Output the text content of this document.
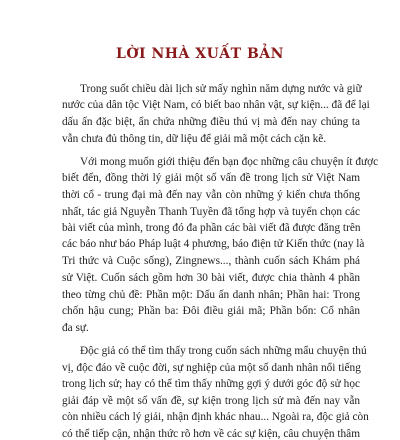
LỜI NHÀ XUẤT BẢN
Trong suốt chiều dài lịch sử mấy nghìn năm dựng nước và giữ
nước của dân tộc Việt Nam, có biết bao nhân vật, sự kiện... đã để lại
dấu ấn đặc biệt, ẩn chứa những điều thú vị mà đến nay chúng ta
vẫn chưa đủ thông tin, dữ liệu để giải mã một cách cặn kẽ.
Với mong muốn giới thiệu đến bạn đọc những câu chuyện ít được
biết đến, đồng thời lý giải một số vấn đề trong lịch sử Việt Nam
thời cổ - trung đại mà đến nay vẫn còn những ý kiến chưa thống
nhất, tác giả Nguyễn Thanh Tuyền đã tổng hợp và tuyển chọn các
bài viết của mình, trong đó đa phần các bài viết đã được đăng trên
các báo như báo Pháp luật 4 phương, báo điện tử Kiến thức (nay là
Tri thức và Cuộc sống), Zingnews..., thành cuốn sách Khám phá
sử Việt. Cuốn sách gồm hơn 30 bài viết, được chia thành 4 phần
theo từng chủ đề: Phần một: Dấu ấn danh nhân; Phần hai: Trong
chốn hậu cung; Phần ba: Đôi điều giải mã; Phần bốn: Cổ nhân
đa sự.
Độc giả có thể tìm thấy trong cuốn sách những mẩu chuyện thú
vị, độc đáo về cuộc đời, sự nghiệp của một số danh nhân nổi tiếng
trong lịch sử; hay có thể tìm thấy những gợi ý dưới góc độ sử học
giải đáp về một số vấn đề, sự kiện trong lịch sử mà đến nay vẫn
còn nhiều cách lý giải, nhận định khác nhau... Ngoài ra, độc giả còn
có thể tiếp cận, nhận thức rõ hơn về các sự kiện, câu chuyện thâm
